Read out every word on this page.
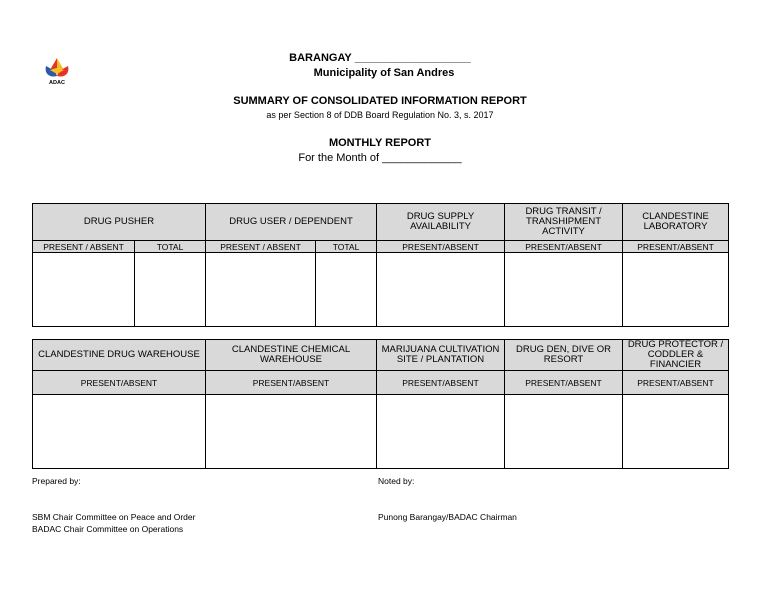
ADAC
BARANGAY ___________________
Municipality of San Andres
SUMMARY OF CONSOLIDATED INFORMATION REPORT
as per Section 8 of DDB Board Regulation No. 3, s. 2017
MONTHLY REPORT
For the Month of _____________
DRUG PUSHER		DRUG USER / DEPENDENT		DRUG SUPPLY AVAILABILITY	DRUG TRANSIT / TRANSHIPMENT ACTIVITY	CLANDESTINE LABORATORY
PRESENT / ABSENT	TOTAL	PRESENT / ABSENT	TOTAL	PRESENT/ABSENT	PRESENT/ABSENT	PRESENT/ABSENT

CLANDESTINE DRUG WAREHOUSE	CLANDESTINE CHEMICAL WAREHOUSE	MARIJUANA CULTIVATION SITE / PLANTATION	DRUG DEN, DIVE OR RESORT	DRUG PROTECTOR / CODDLER & FINANCIER
PRESENT/ABSENT	PRESENT/ABSENT	PRESENT/ABSENT	PRESENT/ABSENT	PRESENT/ABSENT

Prepared by:	Noted by:
SBM Chair Committee on Peace and Order
BADAC Chair Committee on Operations
Punong Barangay/BADAC Chairman
